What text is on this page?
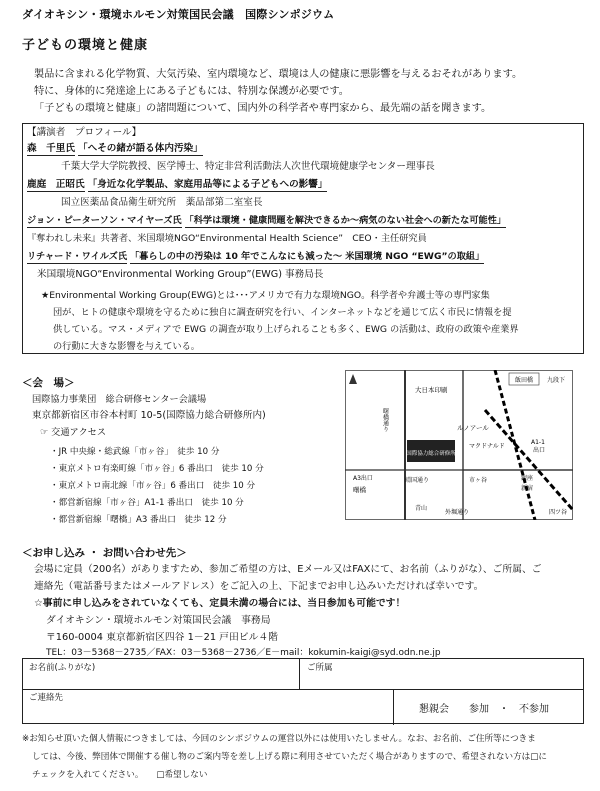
ダイオキシン・環境ホルモン対策国民会議　国際シンポジウム
子どもの環境と健康
製品に含まれる化学物質、大気汚染、室内環境など、環境は人の健康に悪影響を与えるおそれがあります。
特に、身体的に発達途上にある子どもには、特別な保護が必要です。
「子どもの環境と健康」の諸問題について、国内外の科学者や専門家から、最先端の話を聞きます。
【講演者　プロフィール】
森　千里氏 「へその緒が語る体内汚染」
千葉大学大学院教授、医学博士、特定非営利活動法人次世代環境健康学センター理事長
鹿庭　正昭氏 「身近な化学製品、家庭用品等による子どもへの影響」
国立医薬品食品衛生研究所　薬品部第二室室長
ジョン・ピーターソン・マイヤーズ氏 「科学は環境・健康問題を解決できるか～病気のない社会への新たな可能性」
『奪われし未来』共著者、米国環境NGO“Environmental Health Science”　CEO・主任研究員
リチャード・ワイルズ氏 「暮らしの中の汚染は 10 年でこんなにも減った～ 米国環境 NGO “EWG”の取組」
米国環境NGO“Environmental Working Group”(EWG) 事務局長
★Environmental Working Group(EWG)とは･･･アメリカで有力な環境NGO。科学者や弁護士等の専門家集
団が、ヒトの健康や環境を守るために独自に調査研究を行い、インターネットなどを通じて広く市民に情報を提
供している。マス・メディアで EWG の調査が取り上げられることも多く、EWG の活動は、政府の政策や産業界
の行動に大きな影響を与えている。
＜会　場＞
国際協力事業団　総合研修センター会議場
東京都新宿区市谷本村町 10-5(国際協力総合研修所内)
☞ 交通アクセス
・JR 中央線・総武線「市ヶ谷」　徒歩 10 分
・東京メトロ有楽町線「市ヶ谷」6 番出口　徒歩 10 分
・東京メトロ南北線「市ヶ谷」6 番出口　徒歩 10 分
・都営新宿線「市ヶ谷」A1-1 番出口　徒歩 10 分
・都営新宿線「曙橋」A3 番出口　徒歩 12 分
国際協力総合研修所
飯田橋 九段下
大日本印刷
ルノアール
マクドナルド
曙橋通り
A3出口
曙橋
靖国通り	市ヶ谷
A1-1
出口
銀座
新宿
外堀通り
青山
四ツ谷
＜お申し込み ・ お問い合わせ先＞
会場に定員（200名）がありますため、参加ご希望の方は、Eメール又はFAXにて、お名前（ふりがな）、ご所属、ご
連絡先（電話番号またはメールアドレス）をご記入の上、下記までお申し込みいただければ幸いです。
☆事前に申し込みをされていなくても、定員未満の場合には、当日参加も可能です！
ダイオキシン・環境ホルモン対策国民会議　事務局
〒160-0004 東京都新宿区四谷 1－21 戸田ビル４階
TEL：03－5368－2735／FAX：03－5368－2736／E－mail：kokumin-kaigi@syd.odn.ne.jp
お名前(ふりがな)	ご所属
ご連絡先
懇親会　　参加　・　不参加
※お知らせ頂いた個人情報につきましては、今回のシンポジウムの運営以外には使用いたしません。なお、お名前、ご住所等につきま
しては、今後、弊団体で開催する催し物のご案内等を差し上げる際に利用させていただく場合がありますので、希望されない方は□に
チェックを入れてください。　　□希望しない
